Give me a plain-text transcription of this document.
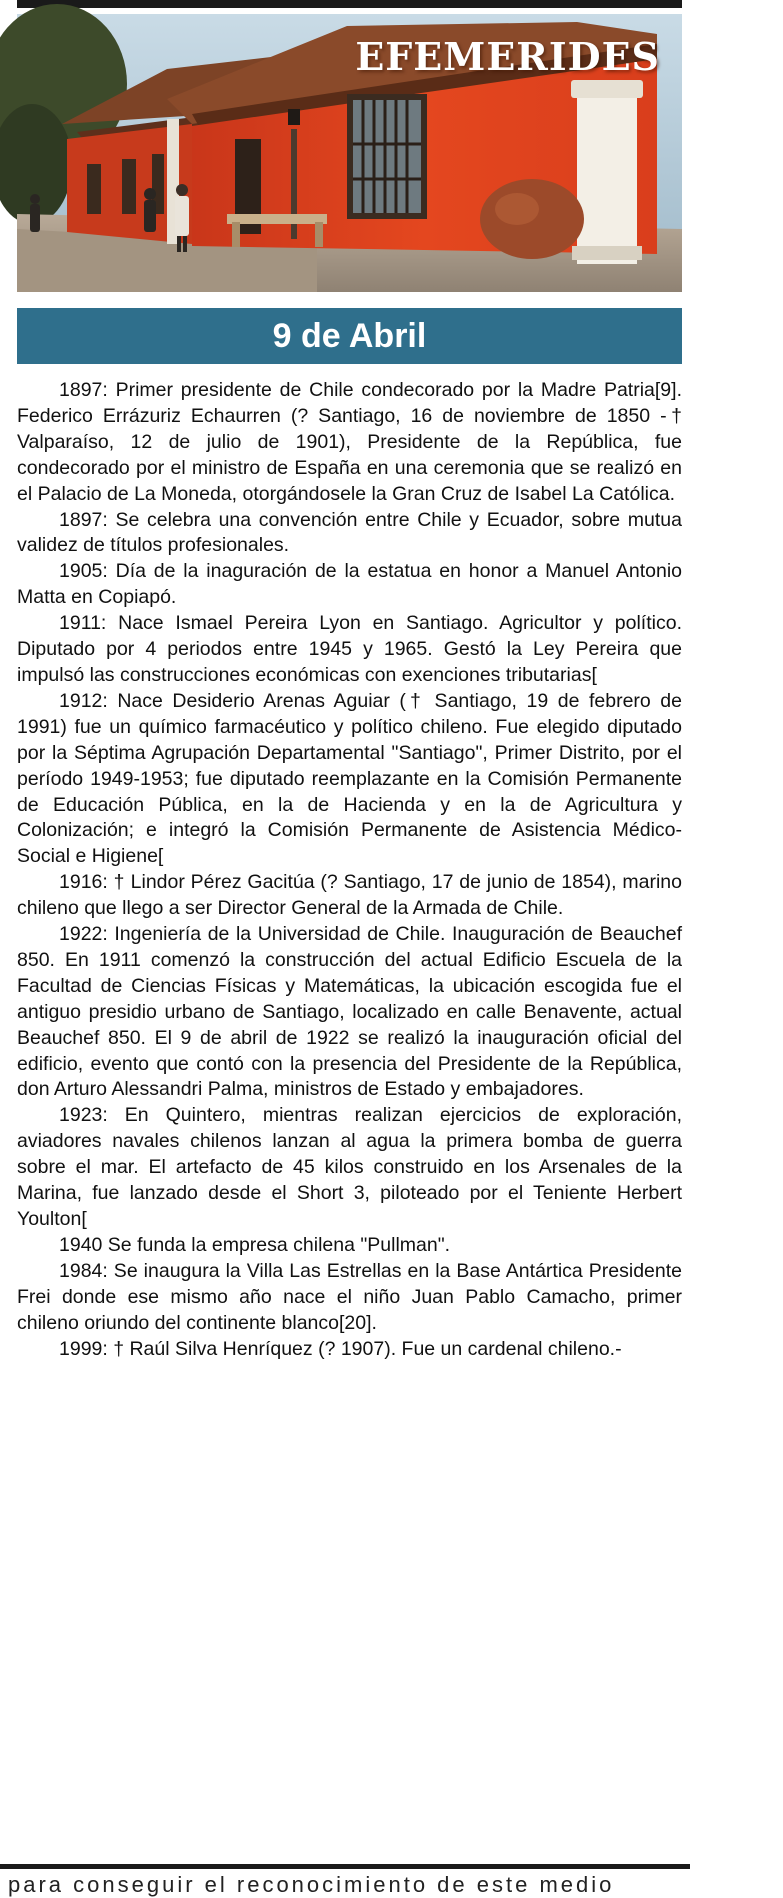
EFEMERIDES
9 de Abril

1897: Primer presidente de Chile condecorado por la Madre Patria[9]. Federico Errázuriz Echaurren (? Santiago, 16 de noviembre de 1850 -† Valparaíso, 12 de julio de 1901), Presidente de la República, fue condecorado por el ministro de España en una ceremonia que se realizó en el Palacio de La Moneda, otorgándosele la Gran Cruz de Isabel La Católica.

1897: Se celebra una convención entre Chile y Ecuador, sobre mutua validez de títulos profesionales.

1905: Día de la inaguración de la estatua en honor a Manuel Antonio Matta en Copiapó.

1911: Nace Ismael Pereira Lyon en Santiago. Agricultor y político. Diputado por 4 periodos entre 1945 y 1965. Gestó la Ley Pereira que impulsó las construcciones económicas con exenciones tributarias[

1912: Nace Desiderio Arenas Aguiar († Santiago, 19 de febrero de 1991) fue un químico farmacéutico y político chileno. Fue elegido diputado por la Séptima Agrupación Departamental "Santiago", Primer Distrito, por el período 1949-1953; fue diputado reemplazante en la Comisión Permanente de Educación Pública, en la de Hacienda y en la de Agricultura y Colonización; e integró la Comisión Permanente de Asistencia Médico-Social e Higiene[

1916: † Lindor Pérez Gacitúa (? Santiago, 17 de junio de 1854), marino chileno que llego a ser Director General de la Armada de Chile.

1922: Ingeniería de la Universidad de Chile. Inauguración de Beauchef 850. En 1911 comenzó la construcción del actual Edificio Escuela de la Facultad de Ciencias Físicas y Matemáticas, la ubicación escogida fue el antiguo presidio urbano de Santiago, localizado en calle Benavente, actual Beauchef 850. El 9 de abril de 1922 se realizó la inauguración oficial del edificio, evento que contó con la presencia del Presidente de la República, don Arturo Alessandri Palma, ministros de Estado y embajadores.

1923: En Quintero, mientras realizan ejercicios de exploración, aviadores navales chilenos lanzan al agua la primera bomba de guerra sobre el mar. El artefacto de 45 kilos construido en los Arsenales de la Marina, fue lanzado desde el Short 3, piloteado por el Teniente Herbert Youlton[

1940 Se funda la empresa chilena "Pullman".

1984: Se inaugura la Villa Las Estrellas en la Base Antártica Presidente Frei donde ese mismo año nace el niño Juan Pablo Camacho, primer chileno oriundo del continente blanco[20].

1999: † Raúl Silva Henríquez (? 1907). Fue un cardenal chileno.-

para conseguir el reconocimiento de este medio
